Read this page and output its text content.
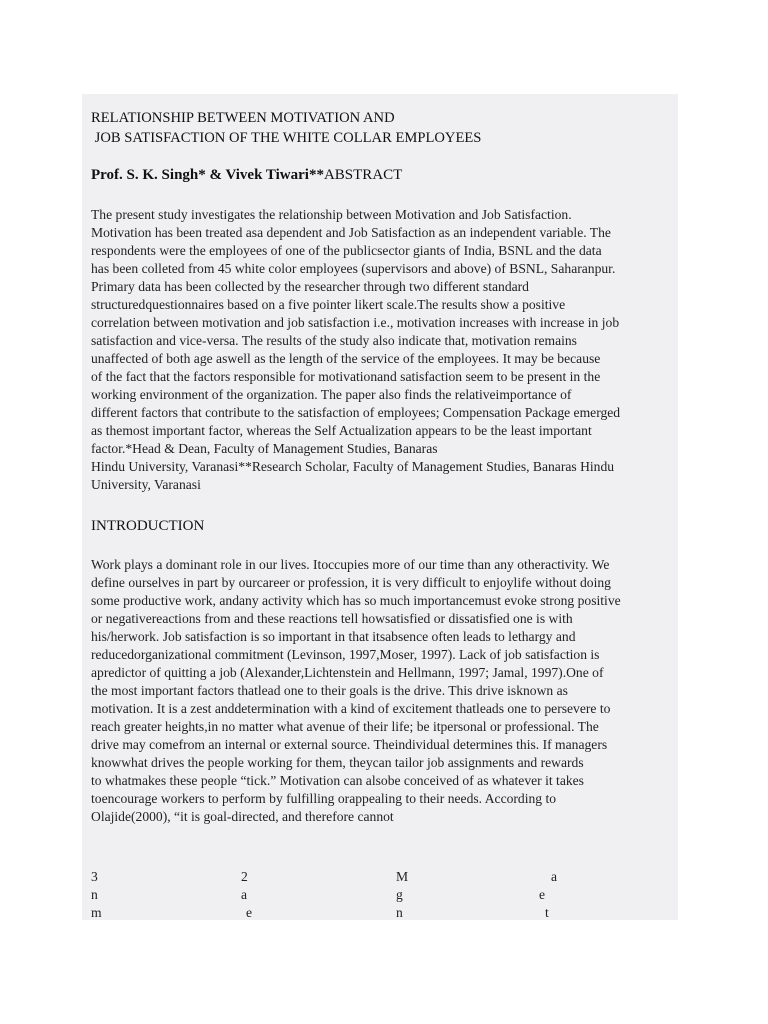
RELATIONSHIP BETWEEN MOTIVATION AND
JOB SATISFACTION OF THE WHITE COLLAR EMPLOYEES
Prof. S. K. Singh* & Vivek Tiwari**ABSTRACT
The present study investigates the relationship between Motivation and Job Satisfaction.
Motivation has been treated asa dependent and Job Satisfaction as an independent variable. The
respondents were the employees of one of the publicsector giants of India, BSNL and the data
has been colleted from 45 white color employees (supervisors and above) of BSNL, Saharanpur.
Primary data has been collected by the researcher through two different standard
structuredquestionnaires based on a five pointer likert scale.The results show a positive
correlation between motivation and job satisfaction i.e., motivation increases with increase in job
satisfaction and vice-versa. The results of the study also indicate that, motivation remains
unaffected of both age aswell as the length of the service of the employees. It may be because
of the fact that the factors responsible for motivationand satisfaction seem to be present in the
working environment of the organization. The paper also finds the relativeimportance of
different factors that contribute to the satisfaction of employees; Compensation Package emerged
as themost important factor, whereas the Self Actualization appears to be the least important
factor.*Head & Dean, Faculty of Management Studies, Banaras
Hindu University, Varanasi**Research Scholar, Faculty of Management Studies, Banaras Hindu
University, Varanasi
INTRODUCTION
Work plays a dominant role in our lives. Itoccupies more of our time than any otheractivity. We
define ourselves in part by ourcareer or profession, it is very difficult to enjoylife without doing
some productive work, andany activity which has so much importancemust evoke strong positive
or negativereactions from and these reactions tell howsatisfied or dissatisfied one is with
his/herwork. Job satisfaction is so important in that itsabsence often leads to lethargy and
reducedorganizational commitment (Levinson, 1997,Moser, 1997). Lack of job satisfaction is
apredictor of quitting a job (Alexander,Lichtenstein and Hellmann, 1997; Jamal, 1997).One of
the most important factors thatlead one to their goals is the drive. This drive isknown as
motivation. It is a zest anddetermination with a kind of excitement thatleads one to persevere to
reach greater heights,in no matter what avenue of their life; be itpersonal or professional. The
drive may comefrom an internal or external source. Theindividual determines this. If managers
knowwhat drives the people working for them, theycan tailor job assignments and rewards
to whatmakes these people “tick.” Motivation can alsobe conceived of as whatever it takes
toencourage workers to perform by fulfilling orappealing to their needs. According to
Olajide(2000), “it is goal-directed, and therefore cannot
3	2	M	a
n	a	g	e
m	e	n	t
